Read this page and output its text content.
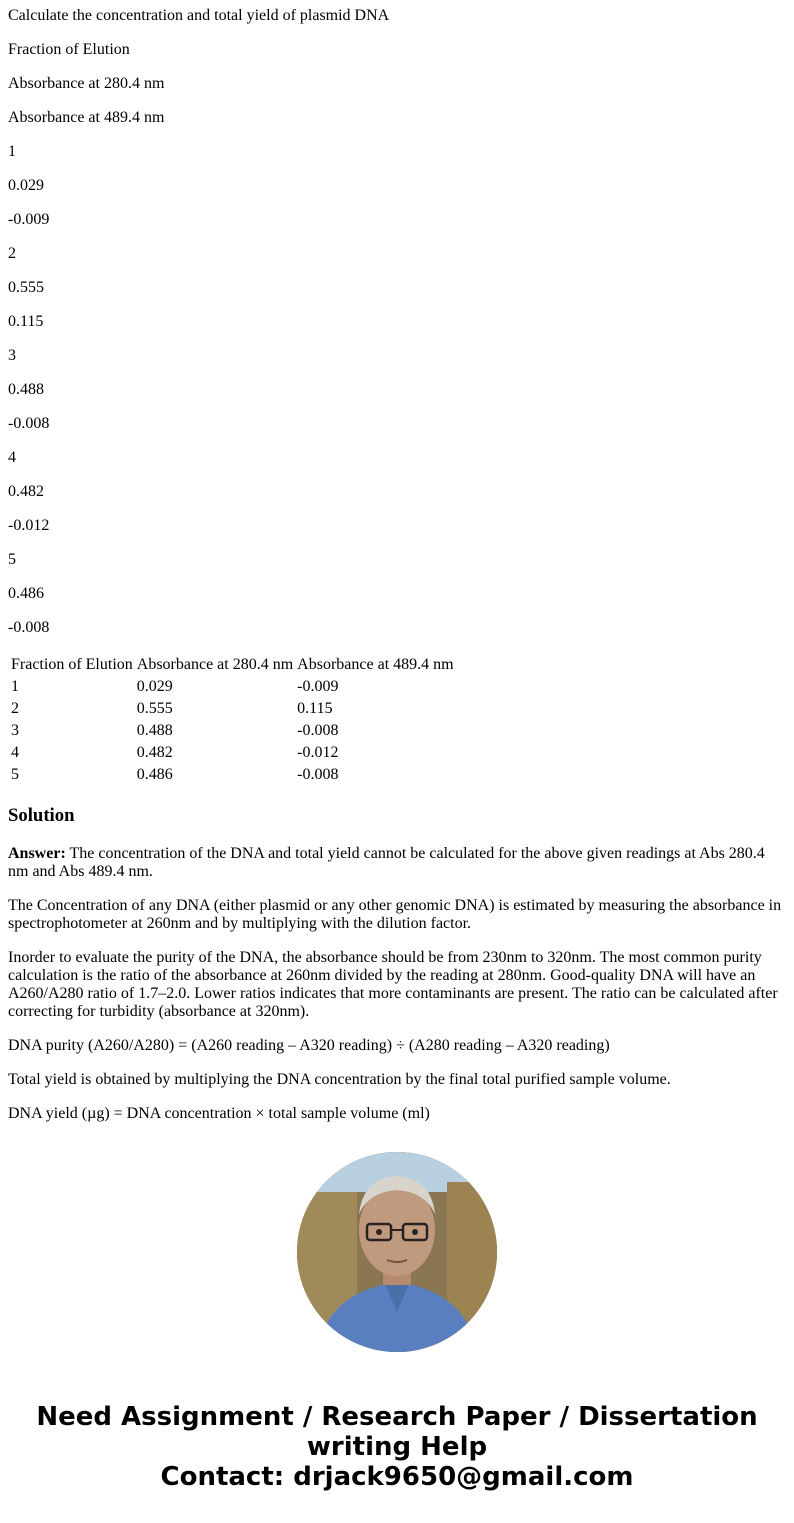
Calculate the concentration and total yield of plasmid DNA

Fraction of Elution

Absorbance at 280.4 nm

Absorbance at 489.4 nm

1

0.029

-0.009

2

0.555

0.115

3

0.488

-0.008

4

0.482

-0.012

5

0.486

-0.008

Fraction of Elution	Absorbance at 280.4 nm	Absorbance at 489.4 nm
1	0.029	-0.009
2	0.555	0.115
3	0.488	-0.008
4	0.482	-0.012
5	0.486	-0.008
Solution

Answer: The concentration of the DNA and total yield cannot be calculated for the above given readings at Abs 280.4 nm and Abs 489.4 nm.

The Concentration of any DNA (either plasmid or any other genomic DNA) is estimated by measuring the absorbance in spectrophotometer at 260nm and by multiplying with the dilution factor.

Inorder to evaluate the purity of the DNA, the absorbance should be from 230nm to 320nm. The most common purity calculation is the ratio of the absorbance at 260nm divided by the reading at 280nm. Good-quality DNA will have an A260/A280 ratio of 1.7–2.0. Lower ratios indicates that more contaminants are present. The ratio can be calculated after correcting for turbidity (absorbance at 320nm).

DNA purity (A260/A280) = (A260 reading – A320 reading) ÷ (A280 reading – A320 reading)

Total yield is obtained by multiplying the DNA concentration by the final total purified sample volume.

DNA yield (µg) = DNA concentration × total sample volume (ml)

Need Assignment / Research Paper / Dissertation
writing Help
Contact: drjack9650@gmail.com
